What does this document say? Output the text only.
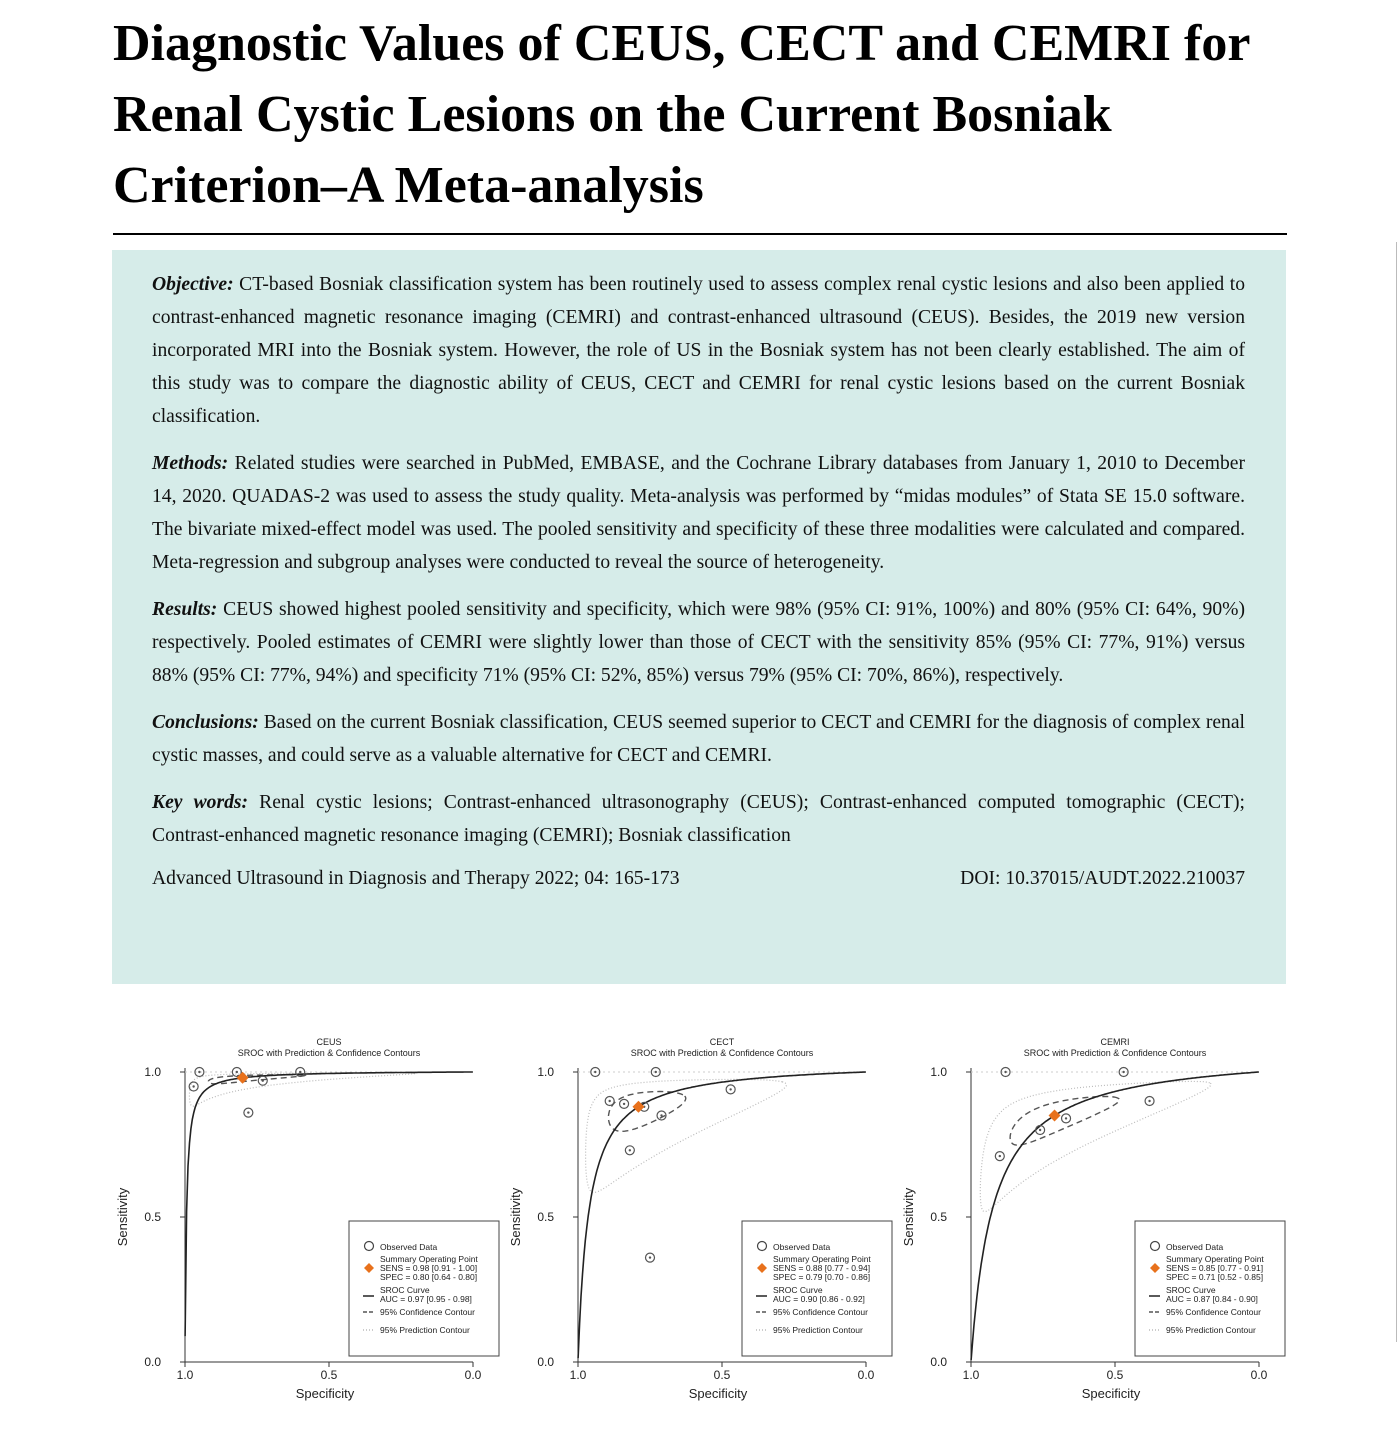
Diagnostic Values of CEUS, CECT and CEMRI for Renal Cystic Lesions on the Current Bosniak Criterion–A Meta-analysis

Objective: CT-based Bosniak classification system has been routinely used to assess complex renal cystic lesions and also been applied to contrast-enhanced magnetic resonance imaging (CEMRI) and contrast-enhanced ultrasound (CEUS). Besides, the 2019 new version incorporated MRI into the Bosniak system. However, the role of US in the Bosniak system has not been clearly established. The aim of this study was to compare the diagnostic ability of CEUS, CECT and CEMRI for renal cystic lesions based on the current Bosniak classification.

Methods: Related studies were searched in PubMed, EMBASE, and the Cochrane Library databases from January 1, 2010 to December 14, 2020. QUADAS-2 was used to assess the study quality. Meta-analysis was performed by “midas modules” of Stata SE 15.0 software. The bivariate mixed-effect model was used. The pooled sensitivity and specificity of these three modalities were calculated and compared. Meta-regression and subgroup analyses were conducted to reveal the source of heterogeneity.

Results: CEUS showed highest pooled sensitivity and specificity, which were 98% (95% CI: 91%, 100%) and 80% (95% CI: 64%, 90%) respectively. Pooled estimates of CEMRI were slightly lower than those of CECT with the sensitivity 85% (95% CI: 77%, 91%) versus 88% (95% CI: 77%, 94%) and specificity 71% (95% CI: 52%, 85%) versus 79% (95% CI: 70%, 86%), respectively.

Conclusions: Based on the current Bosniak classification, CEUS seemed superior to CECT and CEMRI for the diagnosis of complex renal cystic masses, and could serve as a valuable alternative for CECT and CEMRI.

Key words: Renal cystic lesions; Contrast-enhanced ultrasonography (CEUS); Contrast-enhanced computed tomographic (CECT); Contrast-enhanced magnetic resonance imaging (CEMRI); Bosniak classification

Advanced Ultrasound in Diagnosis and Therapy 2022; 04: 165-173	DOI: 10.37015/AUDT.2022.210037
CEUS
SROC with Prediction & Confidence Contours
0.0
0.5
1.0
1.0	0.5	0.0
Specificity
Sensitivity
Observed Data
Summary Operating Point
SENS = 0.98 [0.91 - 1.00]
SPEC = 0.80 [0.64 - 0.80]
SROC Curve
AUC = 0.97 [0.95 - 0.98]
95% Confidence Contour
95% Prediction Contour
CECT
SROC with Prediction & Confidence Contours
0.0
0.5
1.0
1.0	0.5	0.0
Specificity
Sensitivity
Observed Data
Summary Operating Point
SENS = 0.88 [0.77 - 0.94]
SPEC = 0.79 [0.70 - 0.86]
SROC Curve
AUC = 0.90 [0.86 - 0.92]
95% Confidence Contour
95% Prediction Contour
CEMRI
SROC with Prediction & Confidence Contours
0.0
0.5
1.0
1.0	0.5	0.0
Specificity
Sensitivity
Observed Data
Summary Operating Point
SENS = 0.85 [0.77 - 0.91]
SPEC = 0.71 [0.52 - 0.85]
SROC Curve
AUC = 0.87 [0.84 - 0.90]
95% Confidence Contour
95% Prediction Contour
